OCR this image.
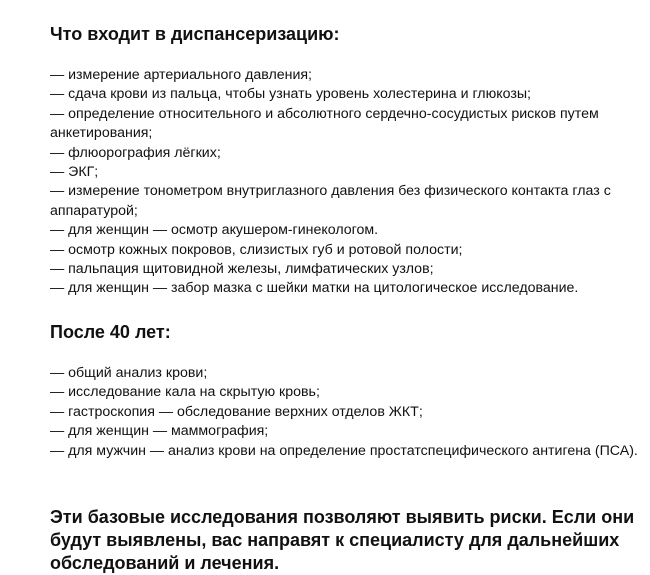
Что входит в диспансеризацию:
— измерение артериального давления;
— сдача крови из пальца, чтобы узнать уровень холестерина и глюкозы;
— определение относительного и абсолютного сердечно-сосудистых рисков путем анкетирования;
— флюорография лёгких;
— ЭКГ;
— измерение тонометром внутриглазного давления без физического контакта глаз с аппаратурой;
— для женщин — осмотр акушером-гинекологом.
— осмотр кожных покровов, слизистых губ и ротовой полости;
— пальпация щитовидной железы, лимфатических узлов;
— для женщин — забор мазка с шейки матки на цитологическое исследование.
После 40 лет:
— общий анализ крови;
— исследование кала на скрытую кровь;
— гастроскопия — обследование верхних отделов ЖКТ;
— для женщин — маммография;
— для мужчин — анализ крови на определение простатспецифического антигена (ПСА).

Эти базовые исследования позволяют выявить риски. Если они будут выявлены, вас направят к специалисту для дальнейших обследований и лечения.
